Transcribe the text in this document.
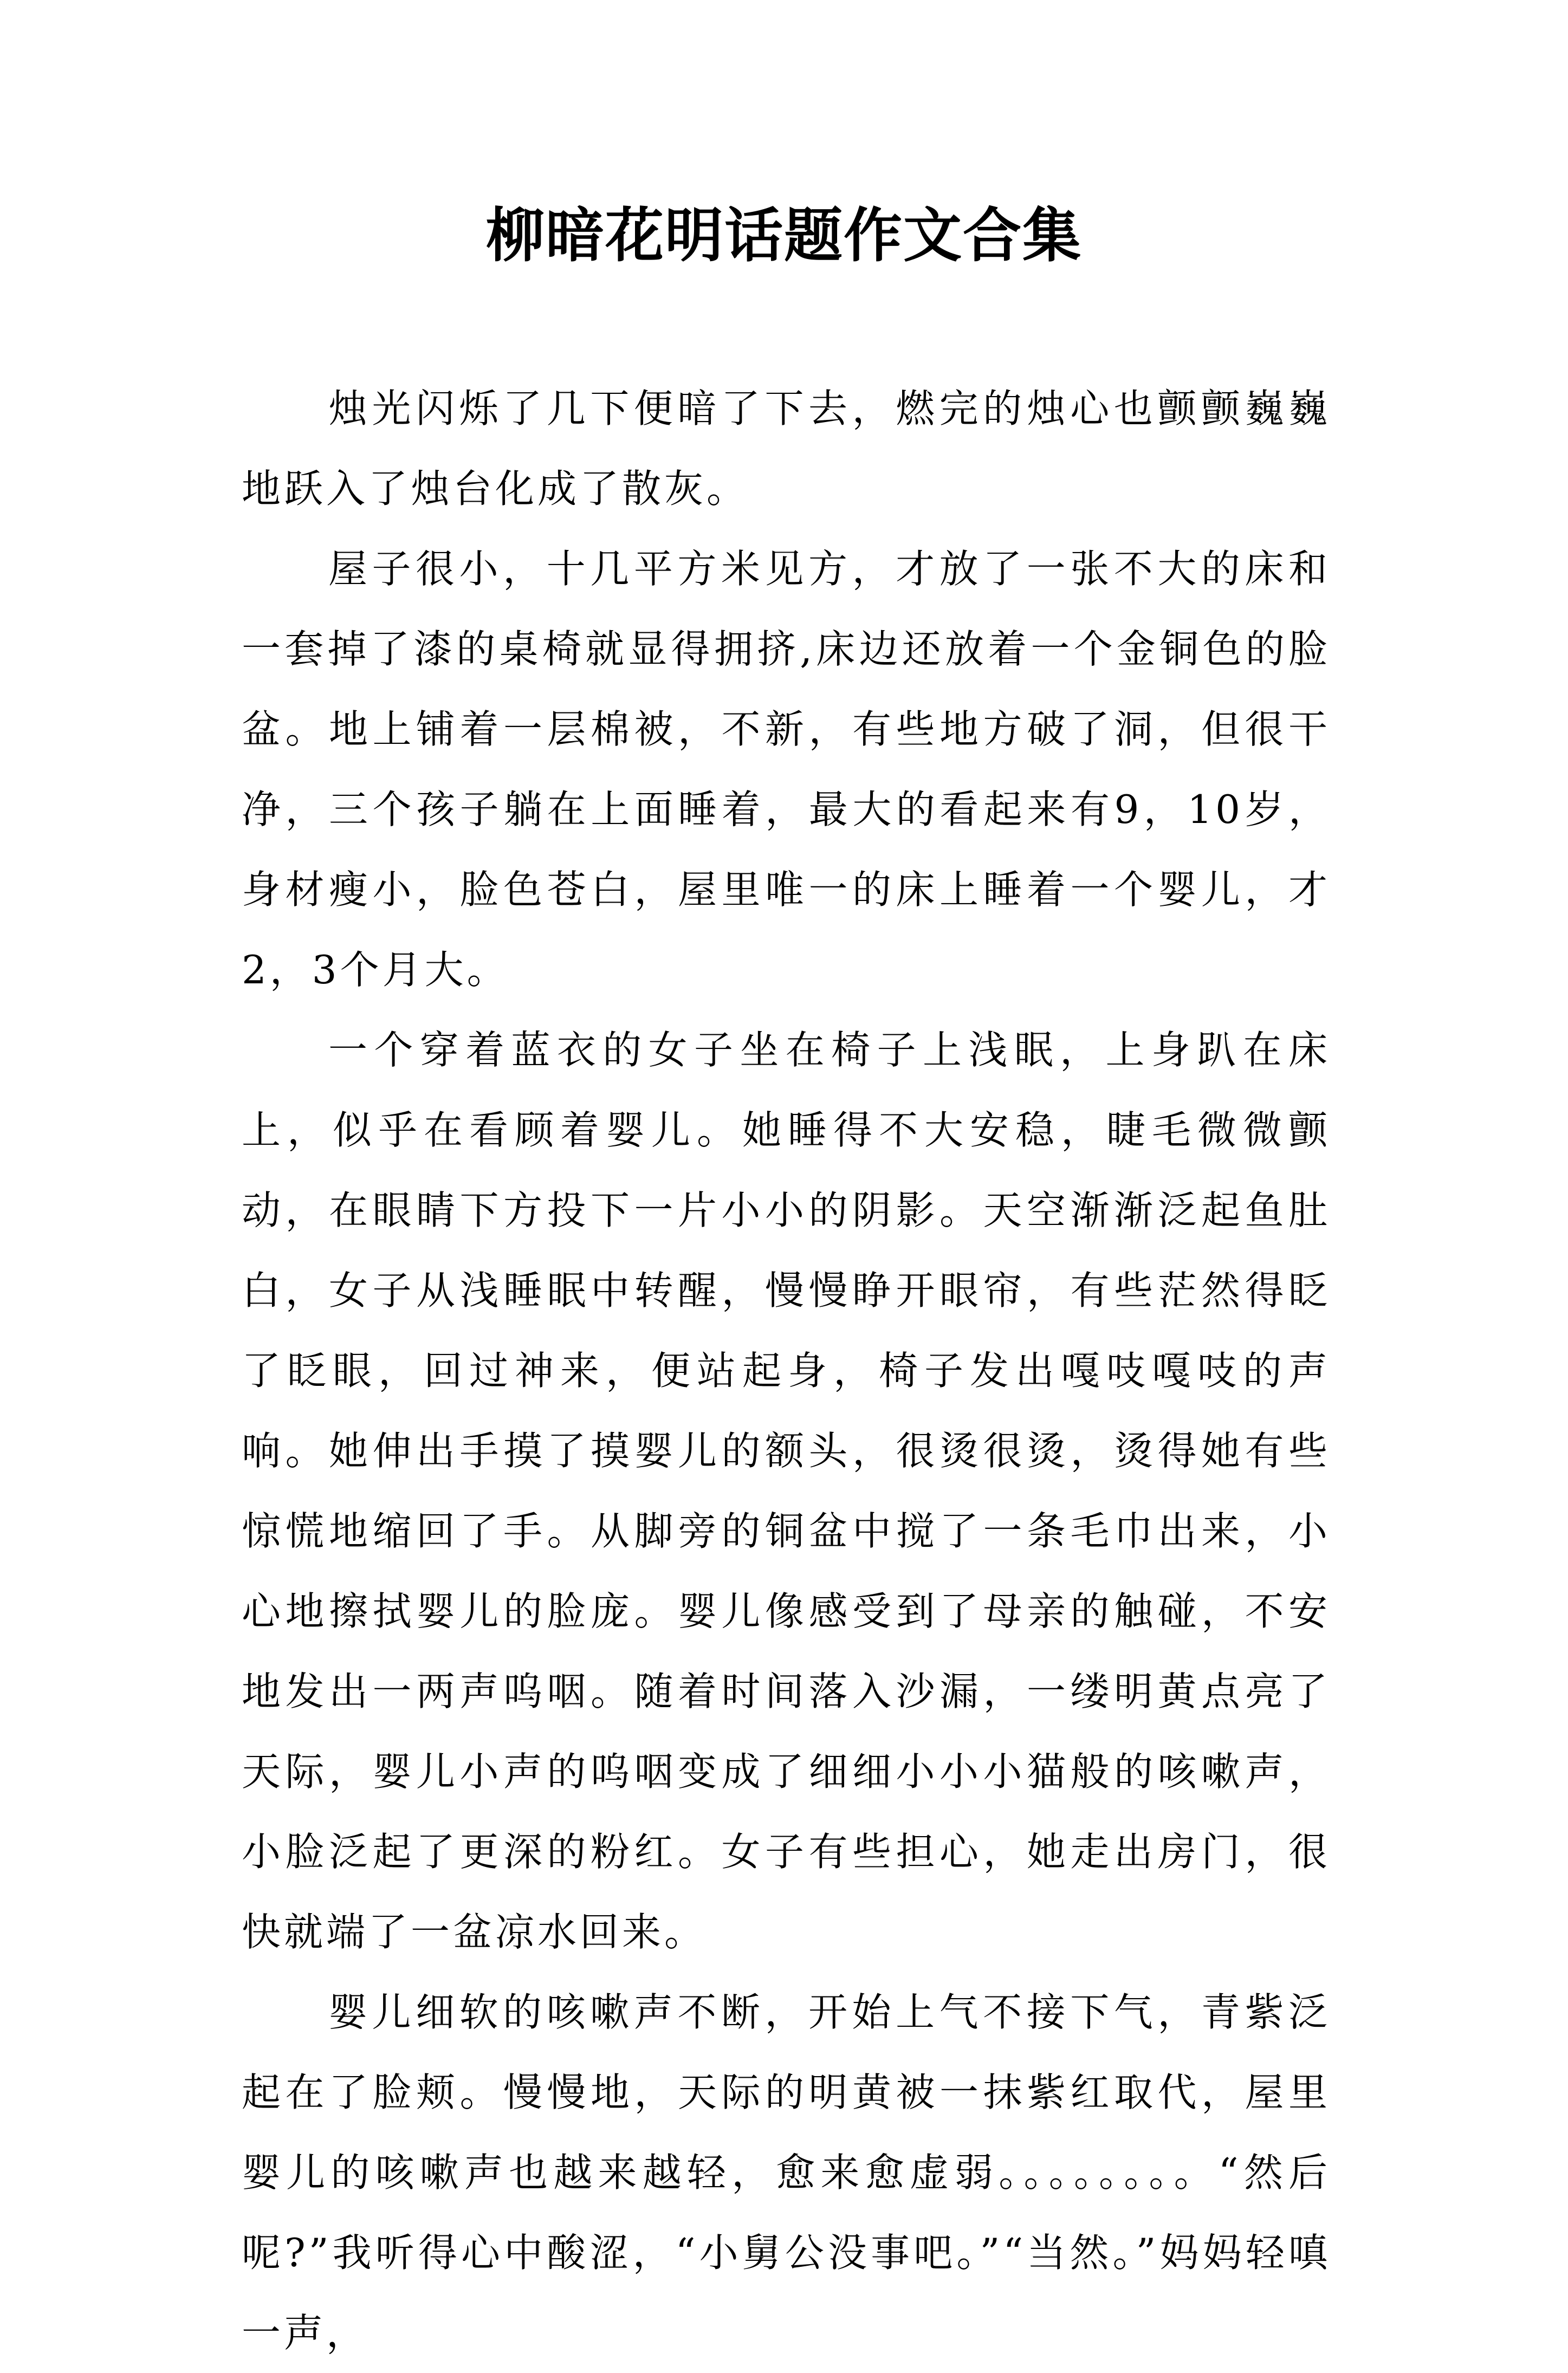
柳暗花明话题作文合集

烛光闪烁了几下便暗了下去，燃完的烛心也颤颤巍巍地跃入了烛台化成了散灰。

屋子很小，十几平方米见方，才放了一张不大的床和一套掉了漆的桌椅就显得拥挤,床边还放着一个金铜色的脸盆。地上铺着一层棉被，不新，有些地方破了洞，但很干净，三个孩子躺在上面睡着，最大的看起来有9，10岁，身材瘦小，脸色苍白，屋里唯一的床上睡着一个婴儿，才2，3个月大。

一个穿着蓝衣的女子坐在椅子上浅眠，上身趴在床上，似乎在看顾着婴儿。她睡得不大安稳，睫毛微微颤动，在眼睛下方投下一片小小的阴影。天空渐渐泛起鱼肚白，女子从浅睡眠中转醒，慢慢睁开眼帘，有些茫然得眨了眨眼，回过神来，便站起身，椅子发出嘎吱嘎吱的声响。她伸出手摸了摸婴儿的额头，很烫很烫，烫得她有些惊慌地缩回了手。从脚旁的铜盆中搅了一条毛巾出来，小心地擦拭婴儿的脸庞。婴儿像感受到了母亲的触碰，不安地发出一两声呜咽。随着时间落入沙漏，一缕明黄点亮了天际，婴儿小声的呜咽变成了细细小小小猫般的咳嗽声，小脸泛起了更深的粉红。女子有些担心，她走出房门，很快就端了一盆凉水回来。

婴儿细软的咳嗽声不断，开始上气不接下气，青紫泛起在了脸颊。慢慢地，天际的明黄被一抹紫红取代，屋里婴儿的咳嗽声也越来越轻，愈来愈虚弱。。。。。。。。“然后呢?”我听得心中酸涩，“小舅公没事吧。”“当然。”妈妈轻嗔一声，
